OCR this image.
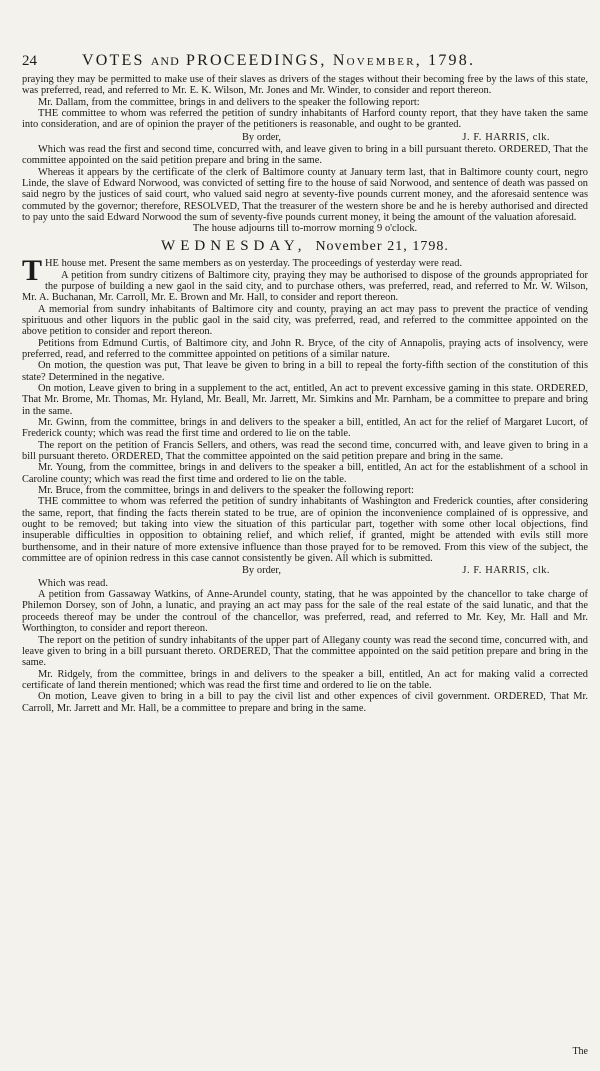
24	VOTES AND PROCEEDINGS, November, 1798.

praying they may be permitted to make use of their slaves as drivers of the stages without their becoming free by the laws of this state, was preferred, read, and referred to Mr. E. K. Wilson, Mr. Jones and Mr. Winder, to consider and report thereon.

Mr. Dallam, from the committee, brings in and delivers to the speaker the following report:

THE committee to whom was referred the petition of sundry inhabitants of Harford county report, that they have taken the same into consideration, and are of opinion the prayer of the petitioners is reasonable, and ought to be granted.

By order,	J. F. HARRIS, clk.

Which was read the first and second time, concurred with, and leave given to bring in a bill pursuant thereto. ORDERED, That the committee appointed on the said petition prepare and bring in the same.

Whereas it appears by the certificate of the clerk of Baltimore county at January term last, that in Baltimore county court, negro Linde, the slave of Edward Norwood, was convicted of setting fire to the house of said Norwood, and sentence of death was passed on said negro by the justices of said court, who valued said negro at seventy-five pounds current money, and the aforesaid sentence was commuted by the governor; therefore, RESOLVED, That the treasurer of the western shore be and he is hereby authorised and directed to pay unto the said Edward Norwood the sum of seventy-five pounds current money, it being the amount of the valuation aforesaid.

The house adjourns till to-morrow morning 9 o'clock.

WEDNESDAY, November 21, 1798.

THE house met. Present the same members as on yesterday. The proceedings of yesterday were read.

A petition from sundry citizens of Baltimore city, praying they may be authorised to dispose of the grounds appropriated for the purpose of building a new gaol in the said city, and to purchase others, was preferred, read, and referred to Mr. W. Wilson, Mr. A. Buchanan, Mr. Carroll, Mr. E. Brown and Mr. Hall, to consider and report thereon.

A memorial from sundry inhabitants of Baltimore city and county, praying an act may pass to prevent the practice of vending spirituous and other liquors in the public gaol in the said city, was preferred, read, and referred to the committee appointed on the above petition to consider and report thereon.

Petitions from Edmund Curtis, of Baltimore city, and John R. Bryce, of the city of Annapolis, praying acts of insolvency, were preferred, read, and referred to the committee appointed on petitions of a similar nature.

On motion, the question was put, That leave be given to bring in a bill to repeal the forty-fifth section of the constitution of this state? Determined in the negative.

On motion, Leave given to bring in a supplement to the act, entitled, An act to prevent excessive gaming in this state. ORDERED, That Mr. Brome, Mr. Thomas, Mr. Hyland, Mr. Beall, Mr. Jarrett, Mr. Simkins and Mr. Parnham, be a committee to prepare and bring in the same.

Mr. Gwinn, from the committee, brings in and delivers to the speaker a bill, entitled, An act for the relief of Margaret Lucort, of Frederick county; which was read the first time and ordered to lie on the table.

The report on the petition of Francis Sellers, and others, was read the second time, concurred with, and leave given to bring in a bill pursuant thereto. ORDERED, That the committee appointed on the said petition prepare and bring in the same.

Mr. Young, from the committee, brings in and delivers to the speaker a bill, entitled, An act for the establishment of a school in Caroline county; which was read the first time and ordered to lie on the table.

Mr. Bruce, from the committee, brings in and delivers to the speaker the following report:

THE committee to whom was referred the petition of sundry inhabitants of Washington and Frederick counties, after considering the same, report, that finding the facts therein stated to be true, are of opinion the inconvenience complained of is oppressive, and ought to be removed; but taking into view the situation of this particular part, together with some other local objections, find insuperable difficulties in opposition to obtaining relief, and which relief, if granted, might be attended with evils still more burthensome, and in their nature of more extensive influence than those prayed for to be removed. From this view of the subject, the committee are of opinion redress in this case cannot consistently be given. All which is submitted.

By order,	J. F. HARRIS, clk.

Which was read.

A petition from Gassaway Watkins, of Anne-Arundel county, stating, that he was appointed by the chancellor to take charge of Philemon Dorsey, son of John, a lunatic, and praying an act may pass for the sale of the real estate of the said lunatic, and that the proceeds thereof may be under the controul of the chancellor, was preferred, read, and referred to Mr. Key, Mr. Hall and Mr. Worthington, to consider and report thereon.

The report on the petition of sundry inhabitants of the upper part of Allegany county was read the second time, concurred with, and leave given to bring in a bill pursuant thereto. ORDERED, That the committee appointed on the said petition prepare and bring in the same.

Mr. Ridgely, from the committee, brings in and delivers to the speaker a bill, entitled, An act for making valid a corrected certificate of land therein mentioned; which was read the first time and ordered to lie on the table.

On motion, Leave given to bring in a bill to pay the civil list and other expences of civil government. ORDERED, That Mr. Carroll, Mr. Jarrett and Mr. Hall, be a committee to prepare and bring in the same.

The
